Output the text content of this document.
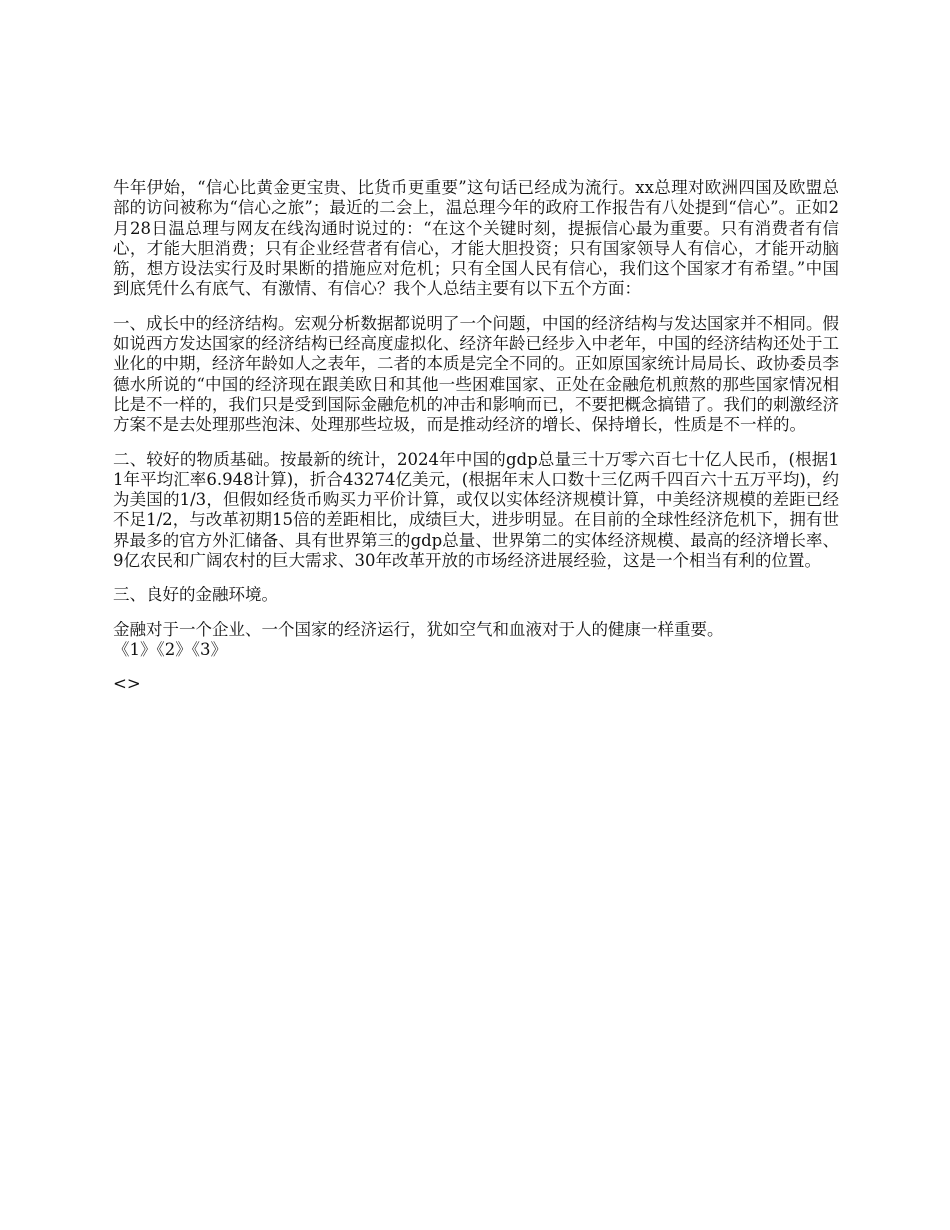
牛年伊始，“信心比黄金更宝贵、比货币更重要”这句话已经成为流行。xx总理对欧洲四国及欧盟总部的访问被称为“信心之旅”；最近的二会上，温总理今年的政府工作报告有八处提到“信心”。正如2月28日温总理与网友在线沟通时说过的：“在这个关键时刻，提振信心最为重要。只有消费者有信心，才能大胆消费；只有企业经营者有信心，才能大胆投资；只有国家领导人有信心，才能开动脑筋，想方设法实行及时果断的措施应对危机；只有全国人民有信心，我们这个国家才有希望。”中国到底凭什么有底气、有激情、有信心？我个人总结主要有以下五个方面：

一、成长中的经济结构。宏观分析数据都说明了一个问题，中国的经济结构与发达国家并不相同。假如说西方发达国家的经济结构已经高度虚拟化、经济年龄已经步入中老年，中国的经济结构还处于工业化的中期，经济年龄如人之表年，二者的本质是完全不同的。正如原国家统计局局长、政协委员李德水所说的“中国的经济现在跟美欧日和其他一些困难国家、正处在金融危机煎熬的那些国家情况相比是不一样的，我们只是受到国际金融危机的冲击和影响而已，不要把概念搞错了。我们的刺激经济方案不是去处理那些泡沫、处理那些垃圾，而是推动经济的增长、保持增长，性质是不一样的。

二、较好的物质基础。按最新的统计，2024年中国的gdp总量三十万零六百七十亿人民币，(根据11年平均汇率6.948计算)，折合43274亿美元，(根据年末人口数十三亿两千四百六十五万平均)，约为美国的1/3，但假如经货币购买力平价计算，或仅以实体经济规模计算，中美经济规模的差距已经不足1/2，与改革初期15倍的差距相比，成绩巨大，进步明显。在目前的全球性经济危机下，拥有世界最多的官方外汇储备、具有世界第三的gdp总量、世界第二的实体经济规模、最高的经济增长率、9亿农民和广阔农村的巨大需求、30年改革开放的市场经济进展经验，这是一个相当有利的位置。

三、良好的金融环境。

金融对于一个企业、一个国家的经济运行，犹如空气和血液对于人的健康一样重要。

《1》《2》《3》
<>
